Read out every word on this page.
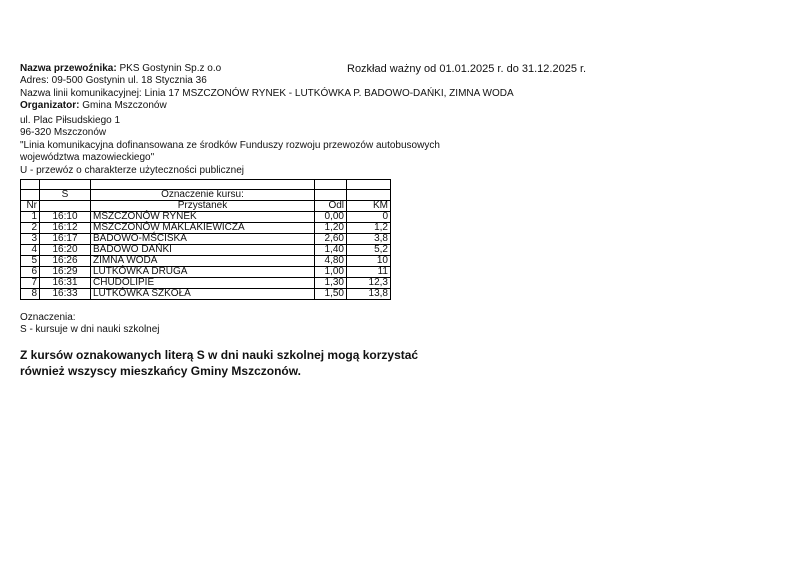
Nazwa przewoźnika: PKS Gostynin Sp.z o.o	Rozkład ważny od 01.01.2025 r. do 31.12.2025 r.
Adres: 09-500 Gostynin ul. 18 Stycznia 36
Nazwa linii komunikacyjnej: Linia 17 MSZCZONÓW RYNEK - LUTKÓWKA P. BADOWO-DAŃKI, ZIMNA WODA
Organizator: Gmina Mszczonów
ul. Plac Piłsudskiego 1
96-320 Mszczonów
"Linia komunikacyjna dofinansowana ze środków Funduszy rozwoju przewozów autobusowych
województwa mazowieckiego"
U - przewóz o charakterze użyteczności publicznej

	S	Oznaczenie kursu:		
Nr		Przystanek	Odl	KM
1	16:10	MSZCZONÓW RYNEK	0,00	0
2	16:12	MSZCZONÓW MAKLAKIEWICZA	1,20	1,2
3	16:17	BADOWO-MŚCISKA	2,60	3,8
4	16:20	BADOWO DAŃKI	1,40	5,2
5	16:26	ZIMNA WODA	4,80	10
6	16:29	LUTKÓWKA DRUGA	1,00	11
7	16:31	CHUDOLIPIE	1,30	12,3
8	16:33	LUTKÓWKA SZKOŁA	1,50	13,8
Oznaczenia:
S - kursuje w dni nauki szkolnej
Z kursów oznakowanych literą S w dni nauki szkolnej mogą korzystać
również wszyscy mieszkańcy Gminy Mszczonów.
